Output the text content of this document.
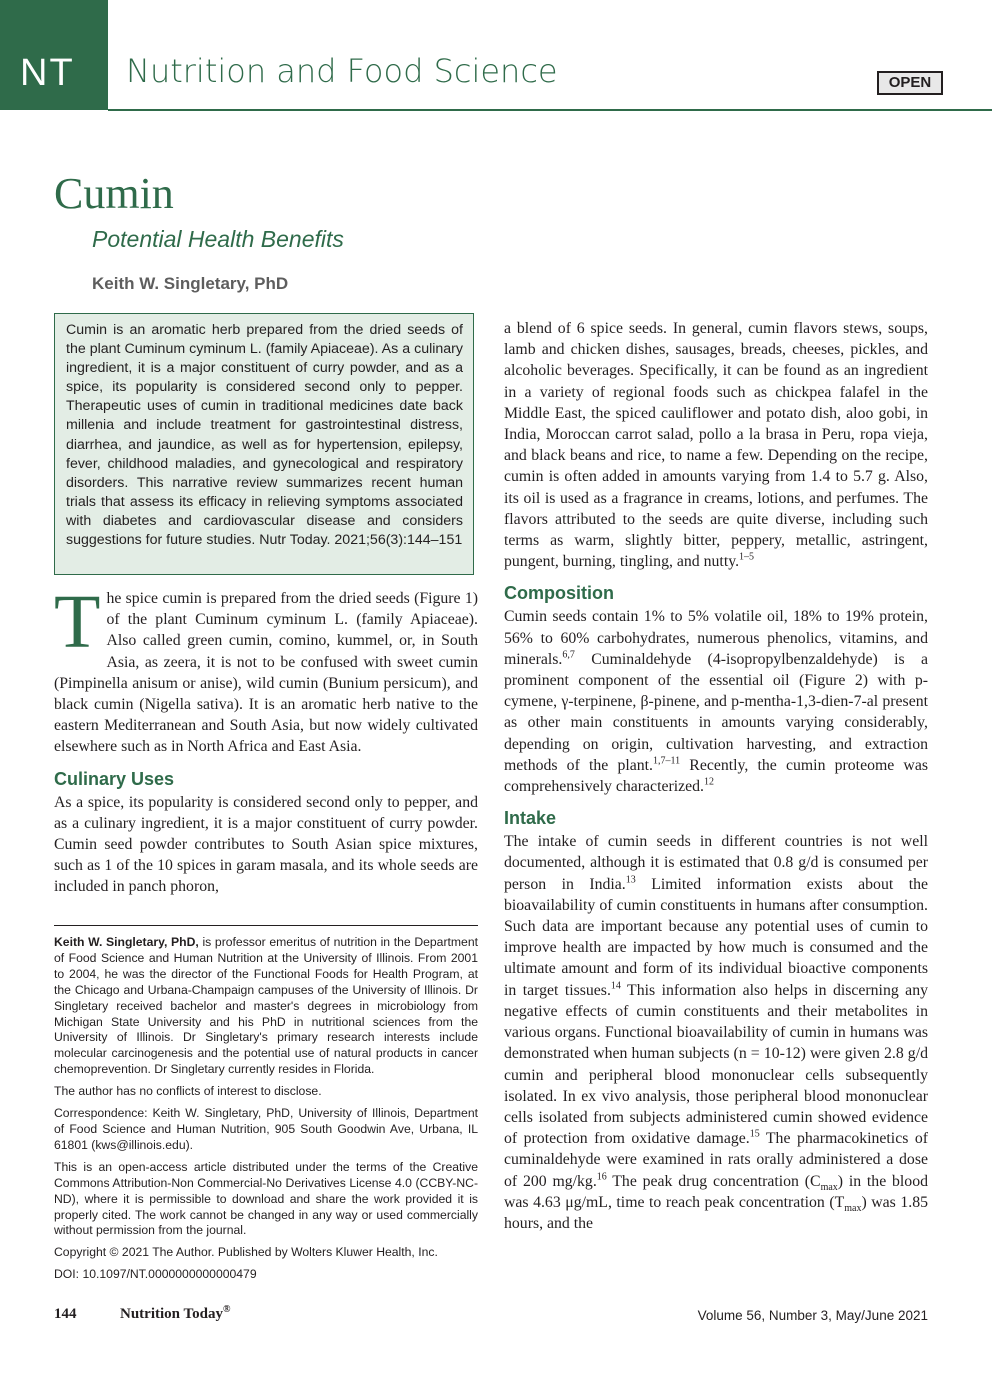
NT Nutrition and Food Science	OPEN
Cumin
Potential Health Benefits
Keith W. Singletary, PhD
Cumin is an aromatic herb prepared from the dried seeds of the plant Cuminum cyminum L. (family Apiaceae). As a culinary ingredient, it is a major constituent of curry powder, and as a spice, its popularity is considered second only to pepper. Therapeutic uses of cumin in traditional medicines date back millenia and include treatment for gastrointestinal distress, diarrhea, and jaundice, as well as for hypertension, epilepsy, fever, childhood maladies, and gynecological and respiratory disorders. This narrative review summarizes recent human trials that assess its efficacy in relieving symptoms associated with diabetes and cardiovascular disease and considers suggestions for future studies. Nutr Today. 2021;56(3):144–151

The spice cumin is prepared from the dried seeds (Figure 1) of the plant Cuminum cyminum L. (family Apiaceae). Also called green cumin, comino, kummel, or, in South Asia, as zeera, it is not to be confused with sweet cumin (Pimpinella anisum or anise), wild cumin (Bunium persicum), and black cumin (Nigella sativa). It is an aromatic herb native to the eastern Mediterranean and South Asia, but now widely cultivated elsewhere such as in North Africa and East Asia.

Culinary Uses

As a spice, its popularity is considered second only to pepper, and as a culinary ingredient, it is a major constituent of curry powder. Cumin seed powder contributes to South Asian spice mixtures, such as 1 of the 10 spices in garam masala, and its whole seeds are included in panch phoron,

Keith W. Singletary, PhD, is professor emeritus of nutrition in the Department of Food Science and Human Nutrition at the University of Illinois. From 2001 to 2004, he was the director of the Functional Foods for Health Program, at the Chicago and Urbana-Champaign campuses of the University of Illinois. Dr Singletary received bachelor and master's degrees in microbiology from Michigan State University and his PhD in nutritional sciences from the University of Illinois. Dr Singletary's primary research interests include molecular carcinogenesis and the potential use of natural products in cancer chemoprevention. Dr Singletary currently resides in Florida.

The author has no conflicts of interest to disclose.

Correspondence: Keith W. Singletary, PhD, University of Illinois, Department of Food Science and Human Nutrition, 905 South Goodwin Ave, Urbana, IL 61801 (kws@illinois.edu).

This is an open-access article distributed under the terms of the Creative Commons Attribution-Non Commercial-No Derivatives License 4.0 (CCBY-NC-ND), where it is permissible to download and share the work provided it is properly cited. The work cannot be changed in any way or used commercially without permission from the journal.

Copyright © 2021 The Author. Published by Wolters Kluwer Health, Inc.

DOI: 10.1097/NT.0000000000000479

a blend of 6 spice seeds. In general, cumin flavors stews, soups, lamb and chicken dishes, sausages, breads, cheeses, pickles, and alcoholic beverages. Specifically, it can be found as an ingredient in a variety of regional foods such as chickpea falafel in the Middle East, the spiced cauliflower and potato dish, aloo gobi, in India, Moroccan carrot salad, pollo a la brasa in Peru, ropa vieja, and black beans and rice, to name a few. Depending on the recipe, cumin is often added in amounts varying from 1.4 to 5.7 g. Also, its oil is used as a fragrance in creams, lotions, and perfumes. The flavors attributed to the seeds are quite diverse, including such terms as warm, slightly bitter, peppery, metallic, astringent, pungent, burning, tingling, and nutty.$^{1-5}$

Composition

Cumin seeds contain 1% to 5% volatile oil, 18% to 19% protein, 56% to 60% carbohydrates, numerous phenolics, vitamins, and minerals.$^{6,7}$ Cuminaldehyde (4-isopropylbenzaldehyde) is a prominent component of the essential oil (Figure 2) with p-cymene, γ-terpinene, β-pinene, and p-mentha-1,3-dien-7-al present as other main constituents in amounts varying considerably, depending on origin, cultivation harvesting, and extraction methods of the plant.$^{1,7-11}$ Recently, the cumin proteome was comprehensively characterized.$^{12}$

Intake

The intake of cumin seeds in different countries is not well documented, although it is estimated that 0.8 g/d is consumed per person in India.$^{13}$ Limited information exists about the bioavailability of cumin constituents in humans after consumption. Such data are important because any potential uses of cumin to improve health are impacted by how much is consumed and the ultimate amount and form of its individual bioactive components in target tissues.$^{14}$ This information also helps in discerning any negative effects of cumin constituents and their metabolites in various organs. Functional bioavailability of cumin in humans was demonstrated when human subjects (n = 10-12) were given 2.8 g/d cumin and peripheral blood mononuclear cells subsequently isolated. In ex vivo analysis, those peripheral blood mononuclear cells isolated from subjects administered cumin showed evidence of protection from oxidative damage.$^{15}$ The pharmacokinetics of cuminaldehyde were examined in rats orally administered a dose of 200 mg/kg.$^{16}$ The peak drug concentration $(C_{max})$ in the blood was 4.63 μg/mL, time to reach peak concentration $(T_{max})$ was 1.85 hours, and the

144	Nutrition Today®	Volume 56, Number 3, May/June 2021
